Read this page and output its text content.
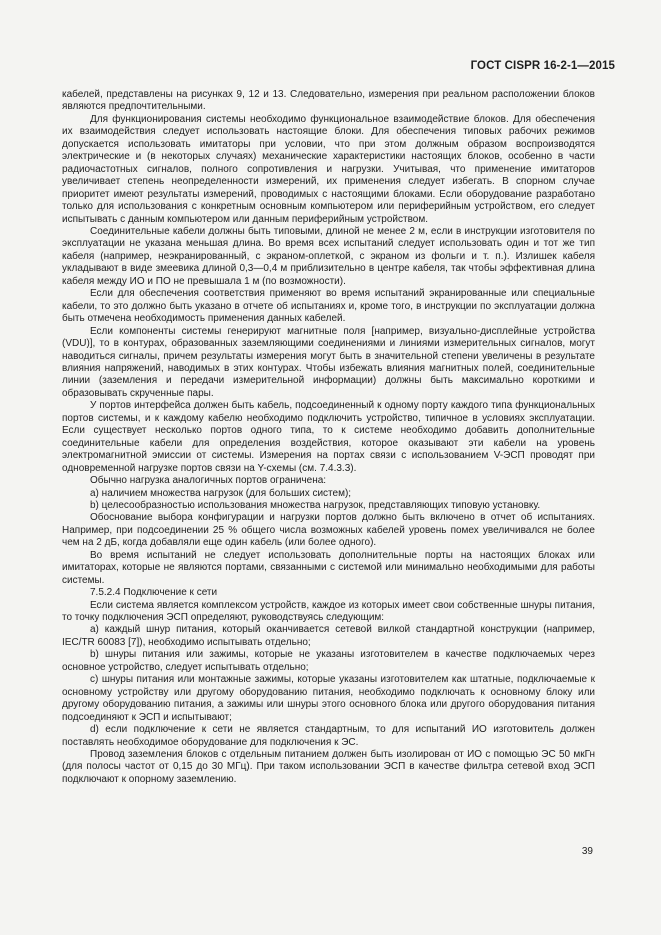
ГОСТ CISPR 16-2-1—2015

кабелей, представлены на рисунках 9, 12 и 13. Следовательно, измерения при реальном расположении блоков являются предпочтительными.

Для функционирования системы необходимо функциональное взаимодействие блоков. Для обеспечения их взаимодействия следует использовать настоящие блоки. Для обеспечения типовых рабочих режимов допускается использовать имитаторы при условии, что при этом должным образом воспроизводятся электрические и (в некоторых случаях) механические характеристики настоящих блоков, особенно в части радиочастотных сигналов, полного сопротивления и нагрузки. Учитывая, что применение имитаторов увеличивает степень неопределенности измерений, их применения следует избегать. В спорном случае приоритет имеют результаты измерений, проводимых с настоящими блоками. Если оборудование разработано только для использования с конкретным основным компьютером или периферийным устройством, его следует испытывать с данным компьютером или данным периферийным устройством.

Соединительные кабели должны быть типовыми, длиной не менее 2 м, если в инструкции изготовителя по эксплуатации не указана меньшая длина. Во время всех испытаний следует использовать один и тот же тип кабеля (например, неэкранированный, с экраном-оплеткой, с экраном из фольги и т. п.). Излишек кабеля укладывают в виде змеевика длиной 0,3—0,4 м приблизительно в центре кабеля, так чтобы эффективная длина кабеля между ИО и ПО не превышала 1 м (по возможности).

Если для обеспечения соответствия применяют во время испытаний экранированные или специальные кабели, то это должно быть указано в отчете об испытаниях и, кроме того, в инструкции по эксплуатации должна быть отмечена необходимость применения данных кабелей.

Если компоненты системы генерируют магнитные поля [например, визуально-дисплейные устройства (VDU)], то в контурах, образованных заземляющими соединениями и линиями измерительных сигналов, могут наводиться сигналы, причем результаты измерения могут быть в значительной степени увеличены в результате влияния напряжений, наводимых в этих контурах. Чтобы избежать влияния магнитных полей, соединительные линии (заземления и передачи измерительной информации) должны быть максимально короткими и образовывать скрученные пары.

У портов интерфейса должен быть кабель, подсоединенный к одному порту каждого типа функциональных портов системы, и к каждому кабелю необходимо подключить устройство, типичное в условиях эксплуатации. Если существует несколько портов одного типа, то к системе необходимо добавить дополнительные соединительные кабели для определения воздействия, которое оказывают эти кабели на уровень электромагнитной эмиссии от системы. Измерения на портах связи с использованием V-ЭСП проводят при одновременной нагрузке портов связи на Y-схемы (см. 7.4.3.3).

Обычно нагрузка аналогичных портов ограничена:

a) наличием множества нагрузок (для больших систем);

b) целесообразностью использования множества нагрузок, представляющих типовую установку.

Обоснование выбора конфигурации и нагрузки портов должно быть включено в отчет об испытаниях. Например, при подсоединении 25 % общего числа возможных кабелей уровень помех увеличивался не более чем на 2 дБ, когда добавляли еще один кабель (или более одного).

Во время испытаний не следует использовать дополнительные порты на настоящих блоках или имитаторах, которые не являются портами, связанными с системой или минимально необходимыми для работы системы.

7.5.2.4 Подключение к сети

Если система является комплексом устройств, каждое из которых имеет свои собственные шнуры питания, то точку подключения ЭСП определяют, руководствуясь следующим:

a) каждый шнур питания, который оканчивается сетевой вилкой стандартной конструкции (например, IEC/TR 60083 [7]), необходимо испытывать отдельно;

b) шнуры питания или зажимы, которые не указаны изготовителем в качестве подключаемых через основное устройство, следует испытывать отдельно;

c) шнуры питания или монтажные зажимы, которые указаны изготовителем как штатные, подключаемые к основному устройству или другому оборудованию питания, необходимо подключать к основному блоку или другому оборудованию питания, а зажимы или шнуры этого основного блока или другого оборудования питания подсоединяют к ЭСП и испытывают;

d) если подключение к сети не является стандартным, то для испытаний ИО изготовитель должен поставлять необходимое оборудование для подключения к ЭС.

Провод заземления блоков с отдельным питанием должен быть изолирован от ИО с помощью ЭС 50 мкГн (для полосы частот от 0,15 до 30 МГц). При таком использовании ЭСП в качестве фильтра сетевой вход ЭСП подключают к опорному заземлению.

39
